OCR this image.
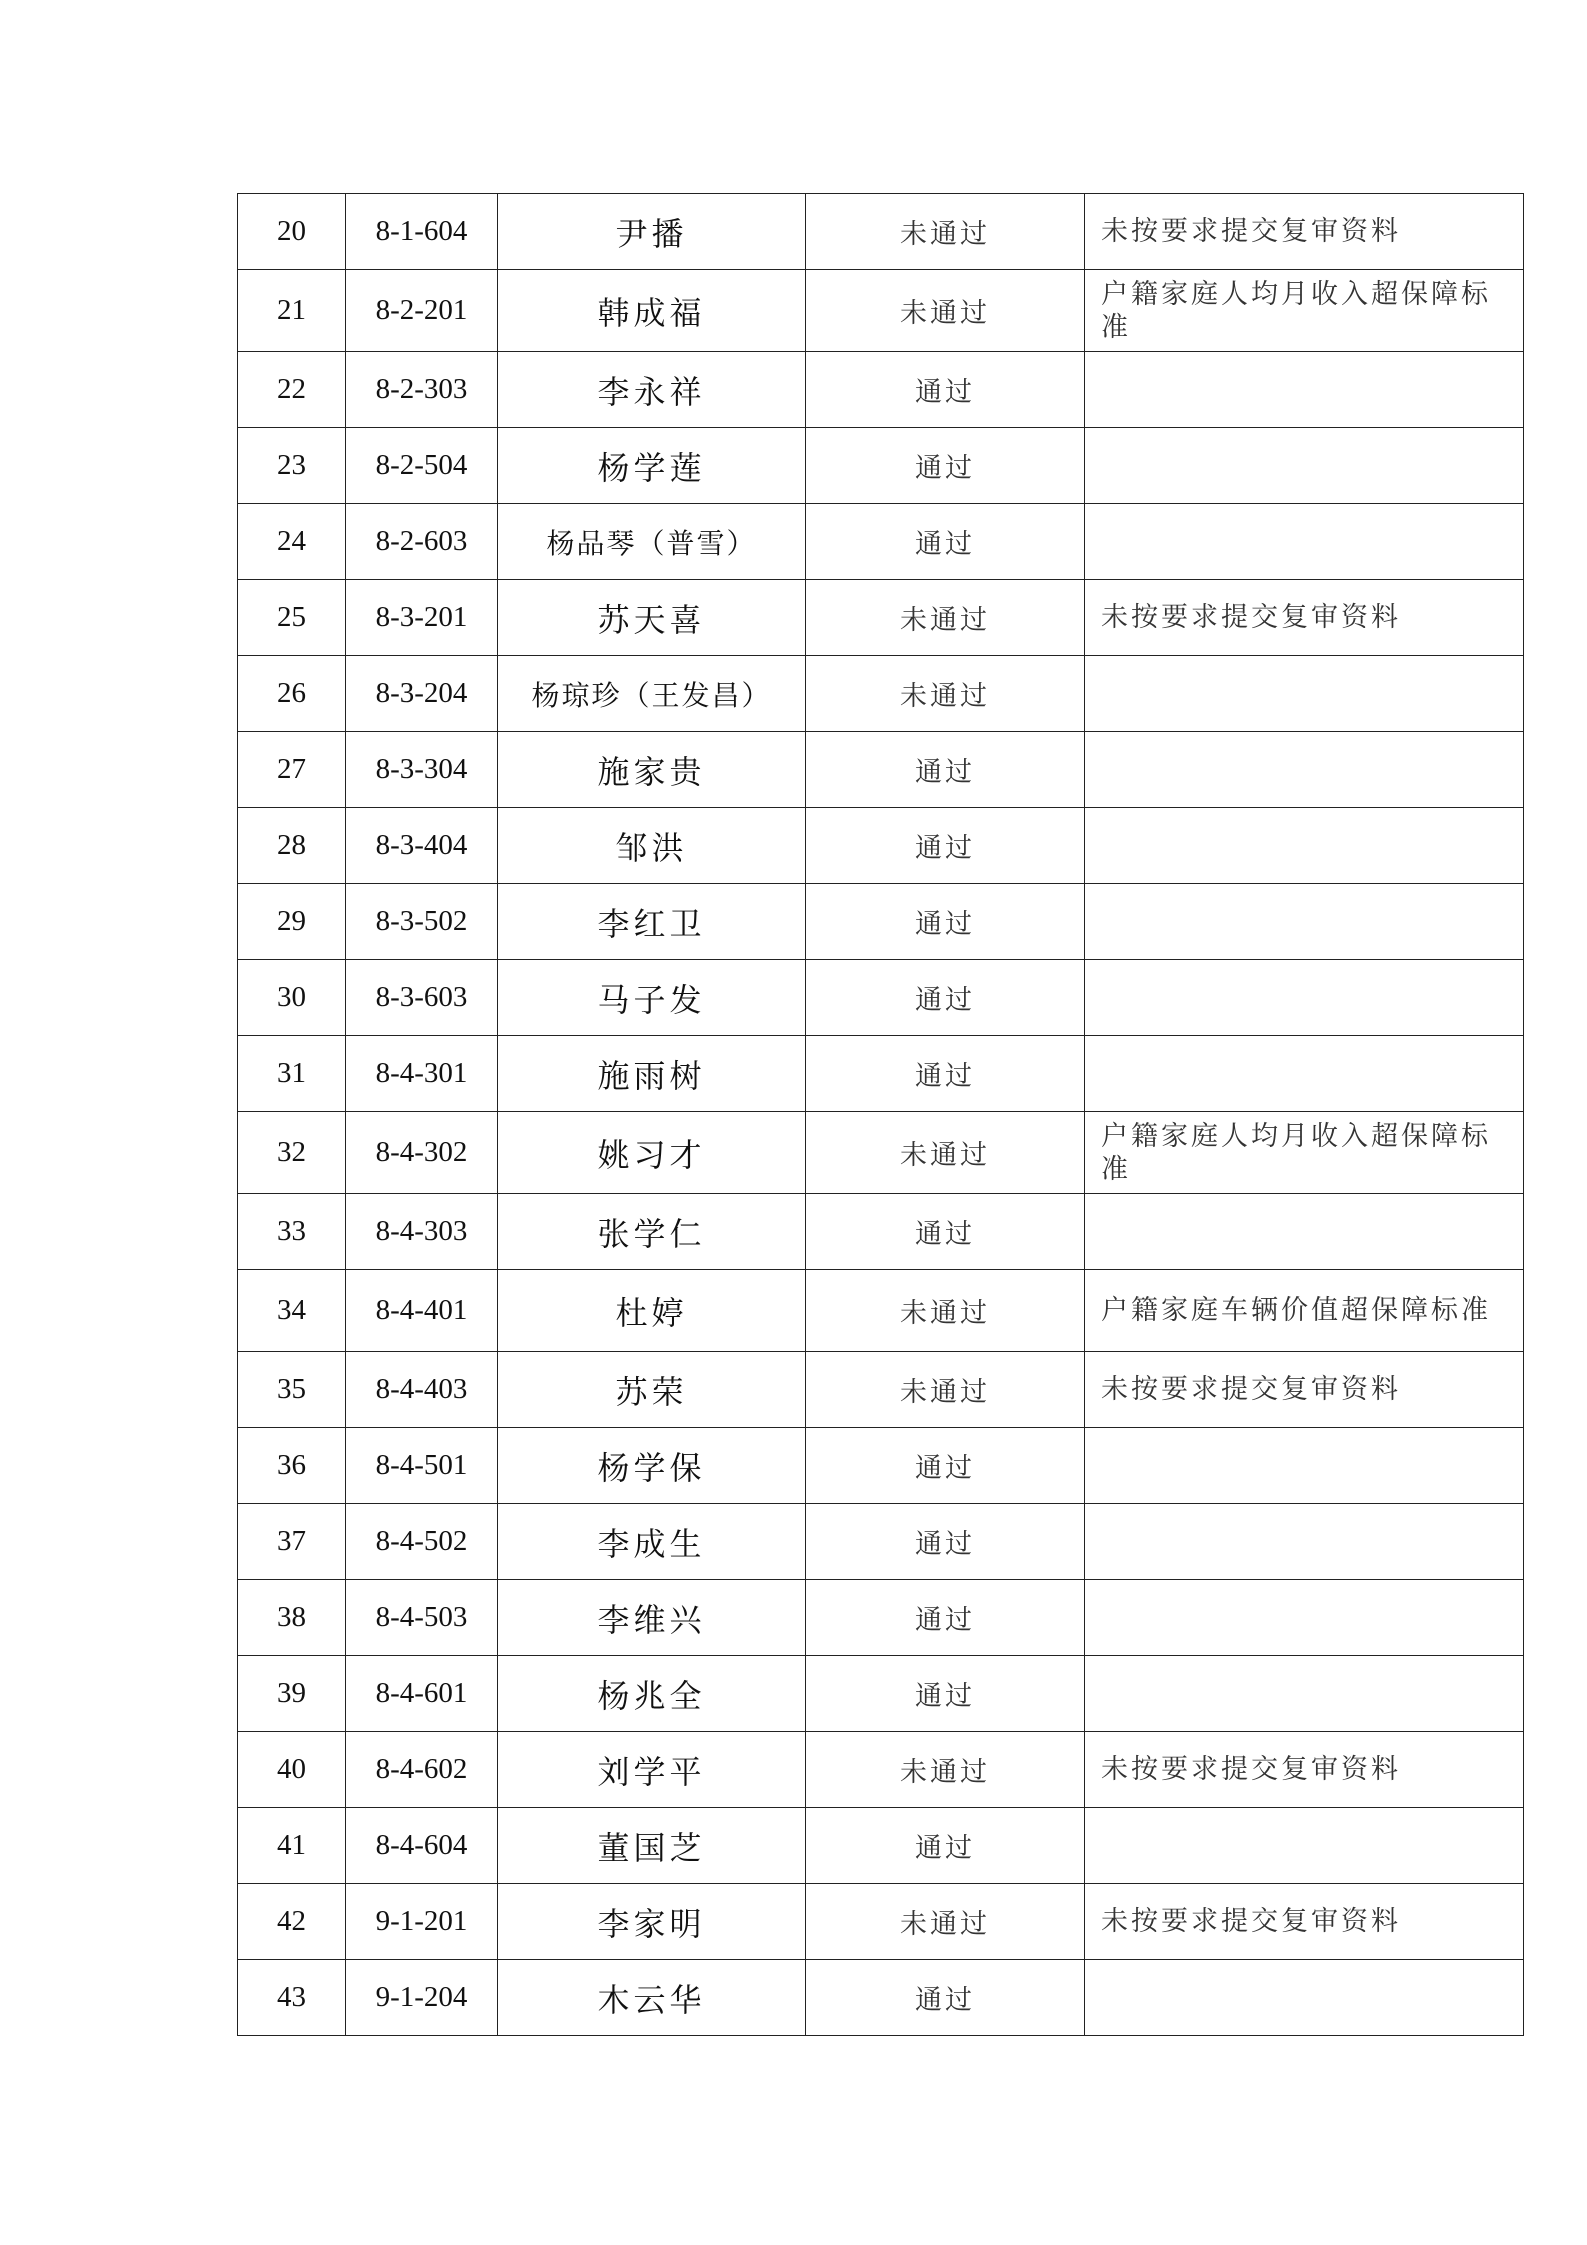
20	8-1-604	尹播	未通过	未按要求提交复审资料
21	8-2-201	韩成福	未通过	户籍家庭人均月收入超保障标准
22	8-2-303	李永祥	通过	
23	8-2-504	杨学莲	通过	
24	8-2-603	杨品琴（普雪）	通过	
25	8-3-201	苏天喜	未通过	未按要求提交复审资料
26	8-3-204	杨琼珍（王发昌）	未通过	
27	8-3-304	施家贵	通过	
28	8-3-404	邹洪	通过	
29	8-3-502	李红卫	通过	
30	8-3-603	马子发	通过	
31	8-4-301	施雨树	通过	
32	8-4-302	姚习才	未通过	户籍家庭人均月收入超保障标准
33	8-4-303	张学仁	通过	
34	8-4-401	杜婷	未通过	户籍家庭车辆价值超保障标准
35	8-4-403	苏荣	未通过	未按要求提交复审资料
36	8-4-501	杨学保	通过	
37	8-4-502	李成生	通过	
38	8-4-503	李维兴	通过	
39	8-4-601	杨兆全	通过	
40	8-4-602	刘学平	未通过	未按要求提交复审资料
41	8-4-604	董国芝	通过	
42	9-1-201	李家明	未通过	未按要求提交复审资料
43	9-1-204	木云华	通过	
